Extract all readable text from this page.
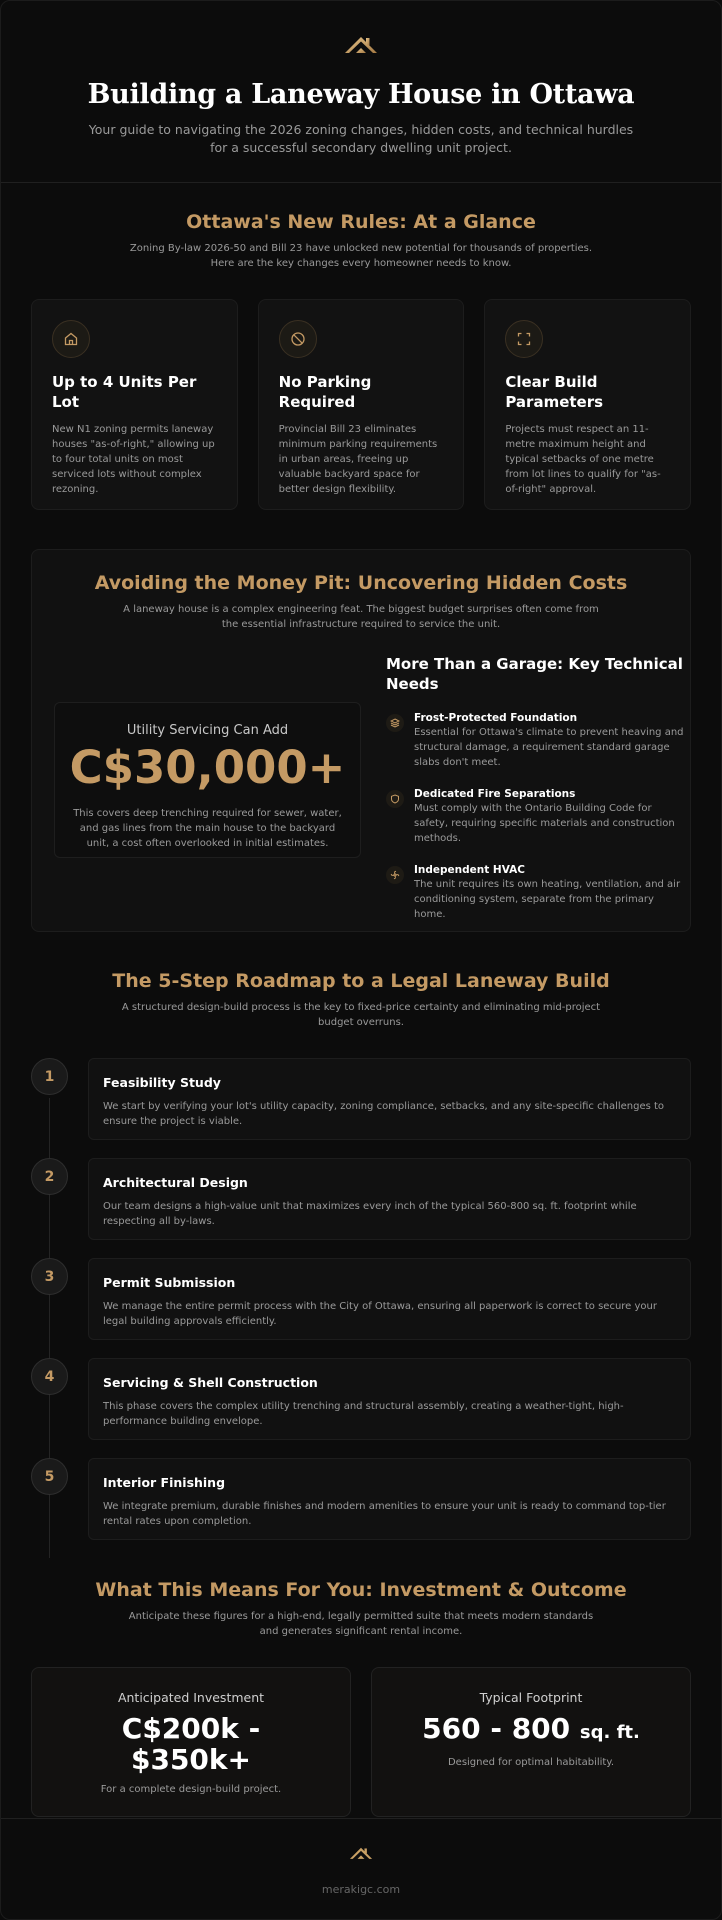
Building a Laneway House in Ottawa

Your guide to navigating the 2026 zoning changes, hidden costs, and technical hurdles for a successful secondary dwelling unit project.

Ottawa's New Rules: At a Glance

Zoning By-law 2026-50 and Bill 23 have unlocked new potential for thousands of properties. Here are the key changes every homeowner needs to know.

Up to 4 Units Per Lot

New N1 zoning permits laneway houses "as-of-right," allowing up to four total units on most serviced lots without complex rezoning.

No Parking Required

Provincial Bill 23 eliminates minimum parking requirements in urban areas, freeing up valuable backyard space for better design flexibility.

Clear Build Parameters

Projects must respect an 11-metre maximum height and typical setbacks of one metre from lot lines to qualify for "as-of-right" approval.

Avoiding the Money Pit: Uncovering Hidden Costs

A laneway house is a complex engineering feat. The biggest budget surprises often come from the essential infrastructure required to service the unit.

Utility Servicing Can Add
C$30,000+

This covers deep trenching required for sewer, water, and gas lines from the main house to the backyard unit, a cost often overlooked in initial estimates.

More Than a Garage: Key Technical Needs
Frost-Protected Foundation
Essential for Ottawa's climate to prevent heaving and structural damage, a requirement standard garage slabs don't meet.
Dedicated Fire Separations
Must comply with the Ontario Building Code for safety, requiring specific materials and construction methods.
Independent HVAC
The unit requires its own heating, ventilation, and air conditioning system, separate from the primary home.
The 5-Step Roadmap to a Legal Laneway Build

A structured design-build process is the key to fixed-price certainty and eliminating mid-project budget overruns.

1	Feasibility Study
We start by verifying your lot's utility capacity, zoning compliance, setbacks, and any site-specific challenges to ensure the project is viable.
2	Architectural Design
Our team designs a high-value unit that maximizes every inch of the typical 560-800 sq. ft. footprint while respecting all by-laws.
3	Permit Submission
We manage the entire permit process with the City of Ottawa, ensuring all paperwork is correct to secure your legal building approvals efficiently.
4	Servicing & Shell Construction
This phase covers the complex utility trenching and structural assembly, creating a weather-tight, high-performance building envelope.
5	Interior Finishing
We integrate premium, durable finishes and modern amenities to ensure your unit is ready to command top-tier rental rates upon completion.
What This Means For You: Investment & Outcome

Anticipate these figures for a high-end, legally permitted suite that meets modern standards and generates significant rental income.

Anticipated Investment
C$200k - $350k+
For a complete design-build project.
Typical Footprint
560 - 800 sq. ft.
Designed for optimal habitability.
merakigc.com
